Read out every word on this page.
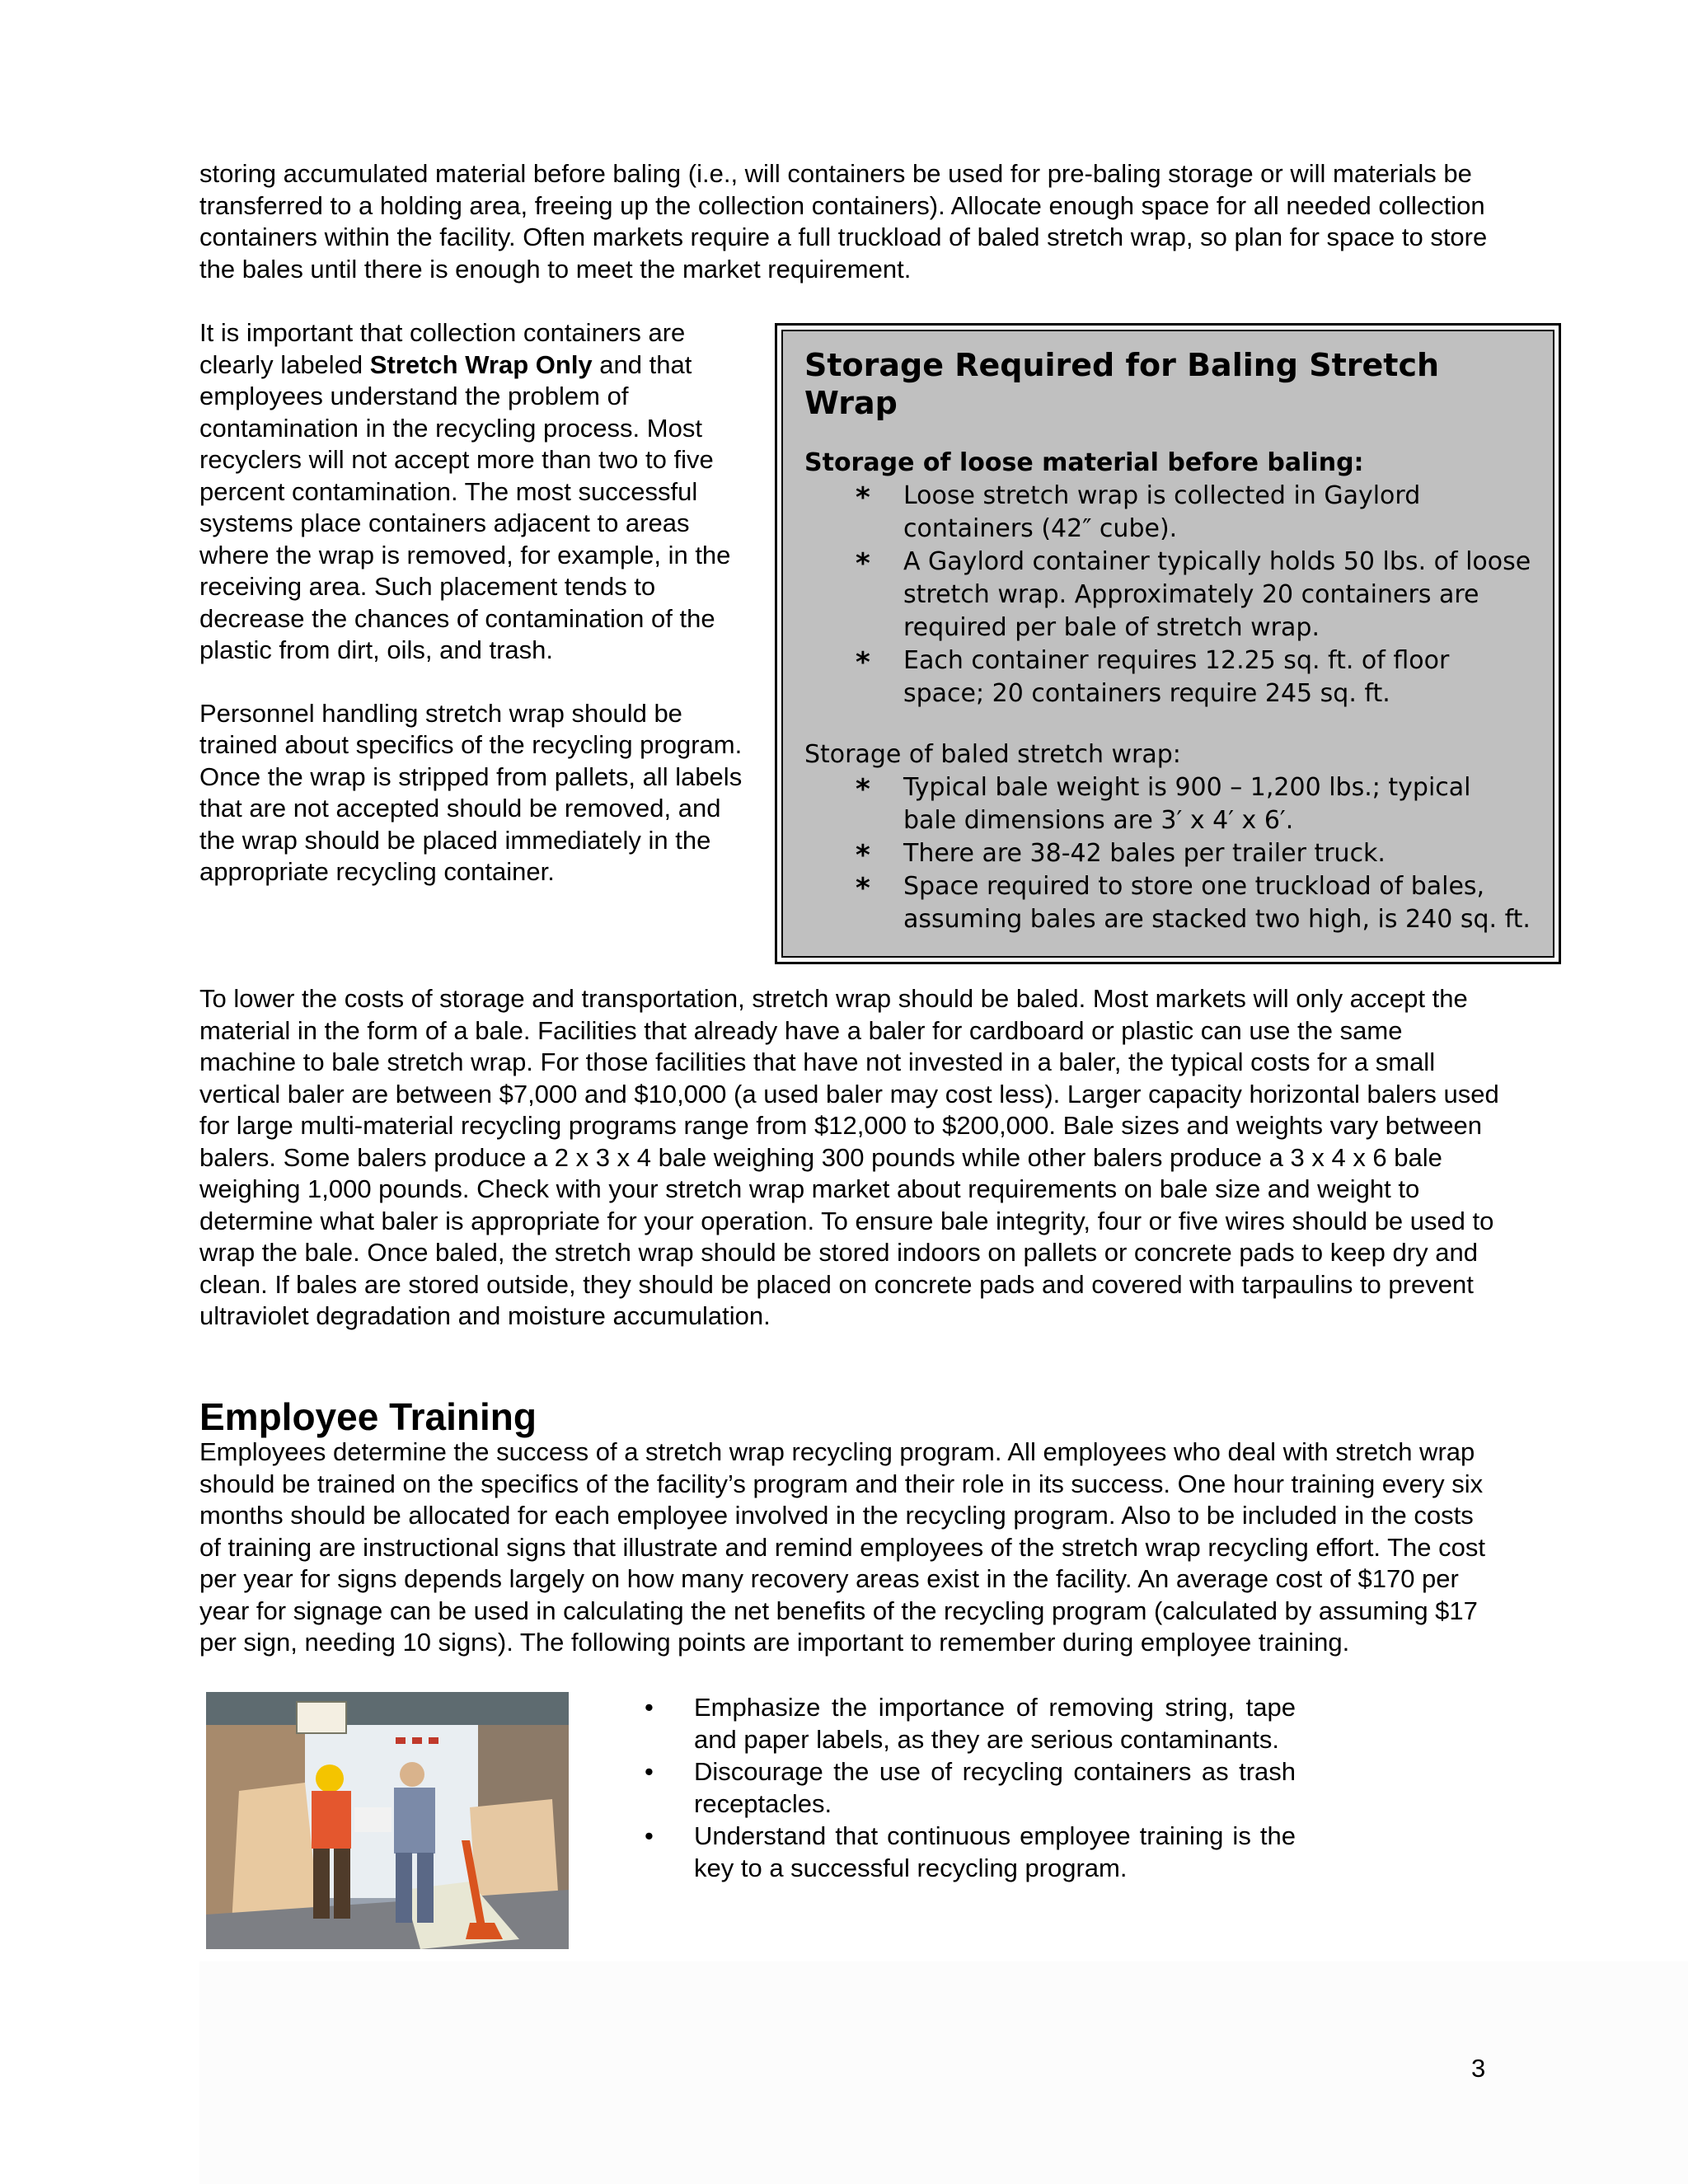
storing accumulated material before baling (i.e., will containers be used for pre-baling storage or will materials be transferred to a holding area, freeing up the collection containers). Allocate enough space for all needed collection containers within the facility. Often markets require a full truckload of baled stretch wrap, so plan for space to store the bales until there is enough to meet the market requirement.

It is important that collection containers are clearly labeled Stretch Wrap Only and that employees understand the problem of contamination in the recycling process. Most recyclers will not accept more than two to five percent contamination. The most successful systems place containers adjacent to areas where the wrap is removed, for example, in the receiving area. Such placement tends to decrease the chances of contamination of the plastic from dirt, oils, and trash.

Personnel handling stretch wrap should be trained about specifics of the recycling program. Once the wrap is stripped from pallets, all labels that are not accepted should be removed, and the wrap should be placed immediately in the appropriate recycling container.

Storage Required for Baling Stretch Wrap

Storage of loose material before baling:

* Loose stretch wrap is collected in Gaylord containers (42″ cube).
* A Gaylord container typically holds 50 lbs. of loose stretch wrap. Approximately 20 containers are required per bale of stretch wrap.
* Each container requires 12.25 sq. ft. of floor space; 20 containers require 245 sq. ft.

Storage of baled stretch wrap:

* Typical bale weight is 900 – 1,200 lbs.; typical bale dimensions are 3′ x 4′ x 6′.
* There are 38-42 bales per trailer truck.
* Space required to store one truckload of bales, assuming bales are stacked two high, is 240 sq. ft.

To lower the costs of storage and transportation, stretch wrap should be baled. Most markets will only accept the material in the form of a bale. Facilities that already have a baler for cardboard or plastic can use the same machine to bale stretch wrap. For those facilities that have not invested in a baler, the typical costs for a small vertical baler are between $7,000 and $10,000 (a used baler may cost less). Larger capacity horizontal balers used for large multi-material recycling programs range from $12,000 to $200,000. Bale sizes and weights vary between balers. Some balers produce a 2 x 3 x 4 bale weighing 300 pounds while other balers produce a 3 x 4 x 6 bale weighing 1,000 pounds. Check with your stretch wrap market about requirements on bale size and weight to determine what baler is appropriate for your operation. To ensure bale integrity, four or five wires should be used to wrap the bale. Once baled, the stretch wrap should be stored indoors on pallets or concrete pads to keep dry and clean. If bales are stored outside, they should be placed on concrete pads and covered with tarpaulins to prevent ultraviolet degradation and moisture accumulation.

Employee Training

Employees determine the success of a stretch wrap recycling program. All employees who deal with stretch wrap should be trained on the specifics of the facility’s program and their role in its success. One hour training every six months should be allocated for each employee involved in the recycling program. Also to be included in the costs of training are instructional signs that illustrate and remind employees of the stretch wrap recycling effort. The cost per year for signs depends largely on how many recovery areas exist in the facility. An average cost of $170 per year for signage can be used in calculating the net benefits of the recycling program (calculated by assuming $17 per sign, needing 10 signs). The following points are important to remember during employee training.

• Emphasize the importance of removing string, tape and paper labels, as they are serious contaminants.
• Discourage the use of recycling containers as trash receptacles.
• Understand that continuous employee training is the key to a successful recycling program.
3
